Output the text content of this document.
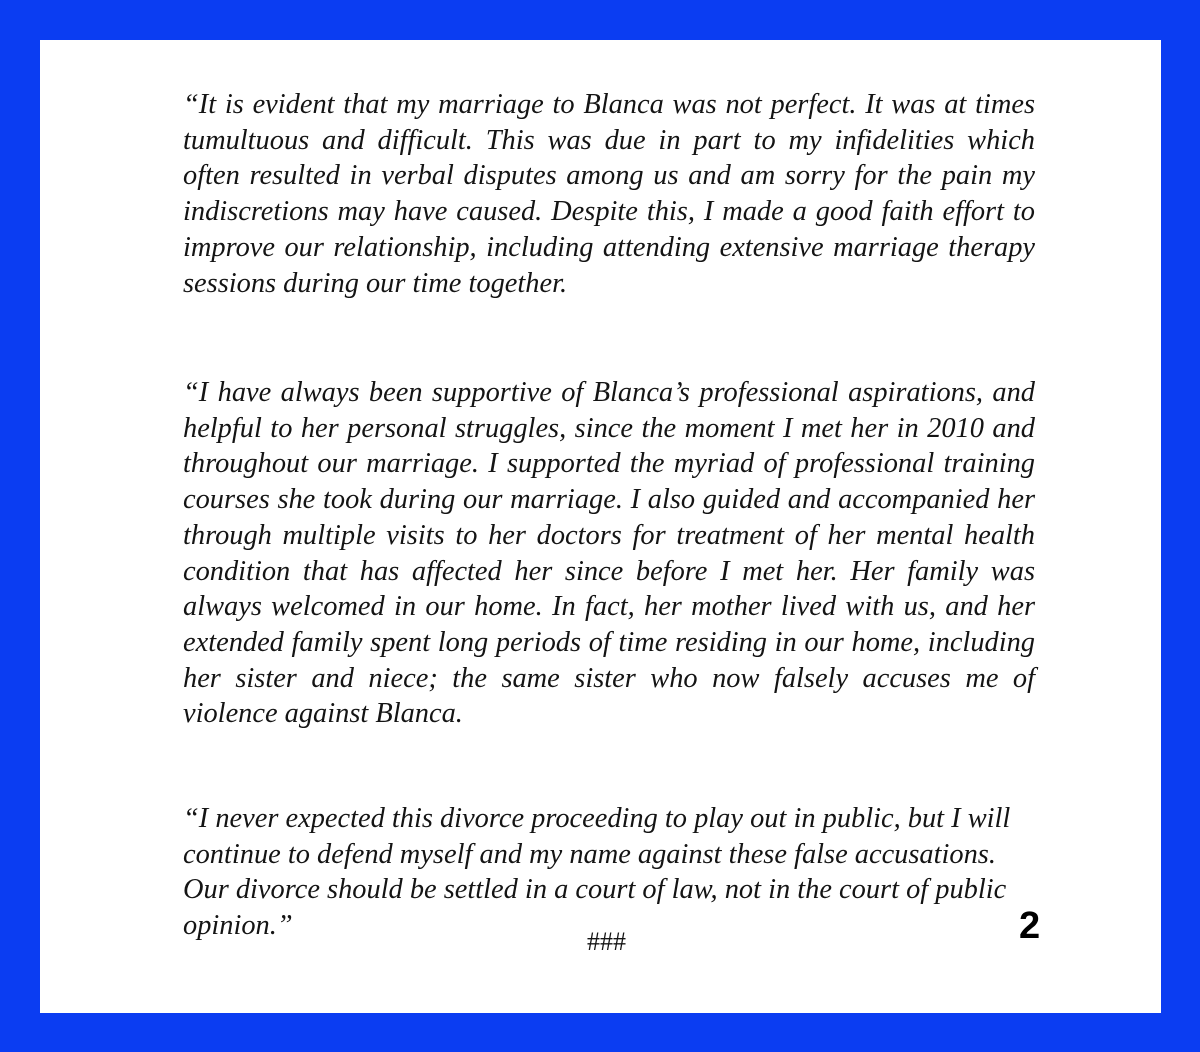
“It is evident that my marriage to Blanca was not perfect. It was at times tumultuous and difficult. This was due in part to my infidelities which often resulted in verbal disputes among us and am sorry for the pain my indiscretions may have caused. Despite this, I made a good faith effort to improve our relationship, including attending extensive marriage therapy sessions during our time together.

“I have always been supportive of Blanca’s professional aspirations, and helpful to her personal struggles, since the moment I met her in 2010 and throughout our marriage. I supported the myriad of professional training courses she took during our marriage. I also guided and accompanied her through multiple visits to her doctors for treatment of her mental health condition that has affected her since before I met her. Her family was always welcomed in our home. In fact, her mother lived with us, and her extended family spent long periods of time residing in our home, including her sister and niece; the same sister who now falsely accuses me of violence against Blanca.

“I never expected this divorce proceeding to play out in public, but I will continue to defend myself and my name against these false accusations. Our divorce should be settled in a court of law, not in the court of public opinion.”

###	2
